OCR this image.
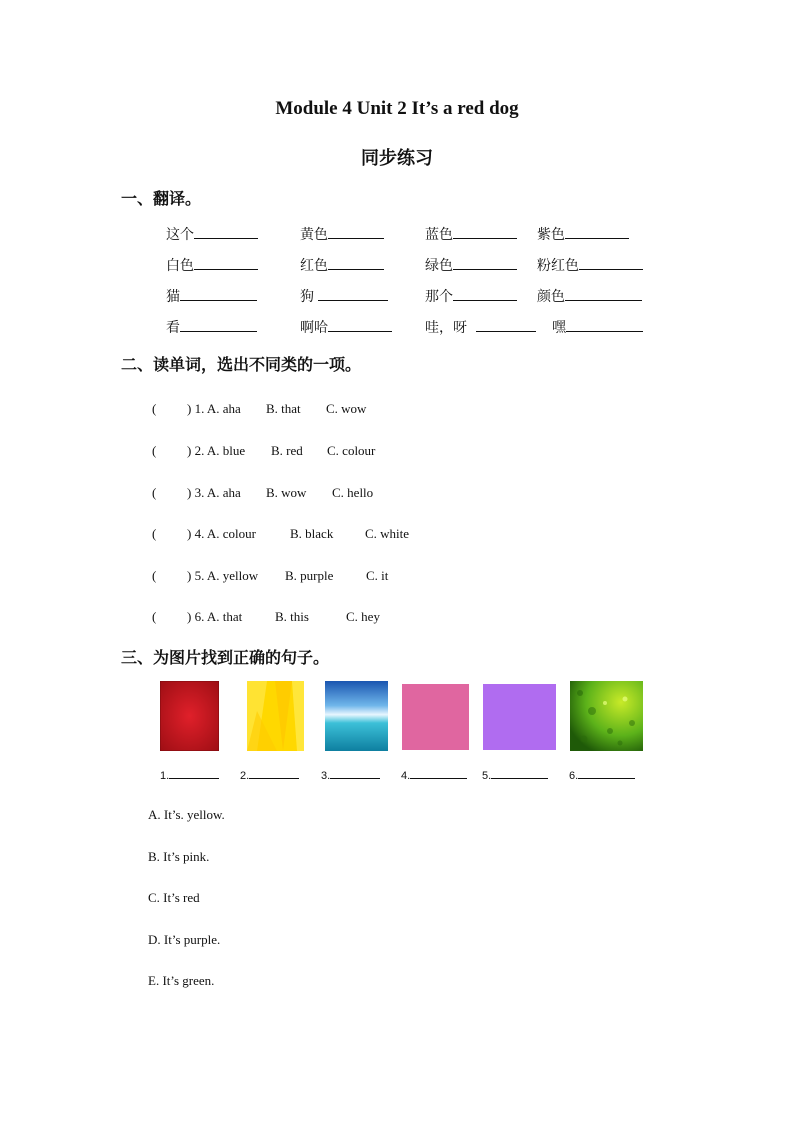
Module 4 Unit 2 It’s a red dog
同步练习
一、翻译。
这个	黄色	蓝色	紫色
白色	红色	绿色	粉红色
猫	狗	那个	颜色
看	啊哈	哇，呀	嘿
二、读单词，选出不同类的一项。
( ) 1. A. aha B. that C. wow
( ) 2. A. blue B. red C. colour
( ) 3. A. aha B. wow C. hello
( ) 4. A. colour	B. black C. white
( ) 5. A. yellow B. purple	C. it
( ) 6. A. that	B. this	C. hey
三、为图片找到正确的句子。
1.	2.	3.	4.	5.	6.
A. It’s. yellow.
B. It’s pink.
C. It’s red
D. It’s purple.
E. It’s green.
